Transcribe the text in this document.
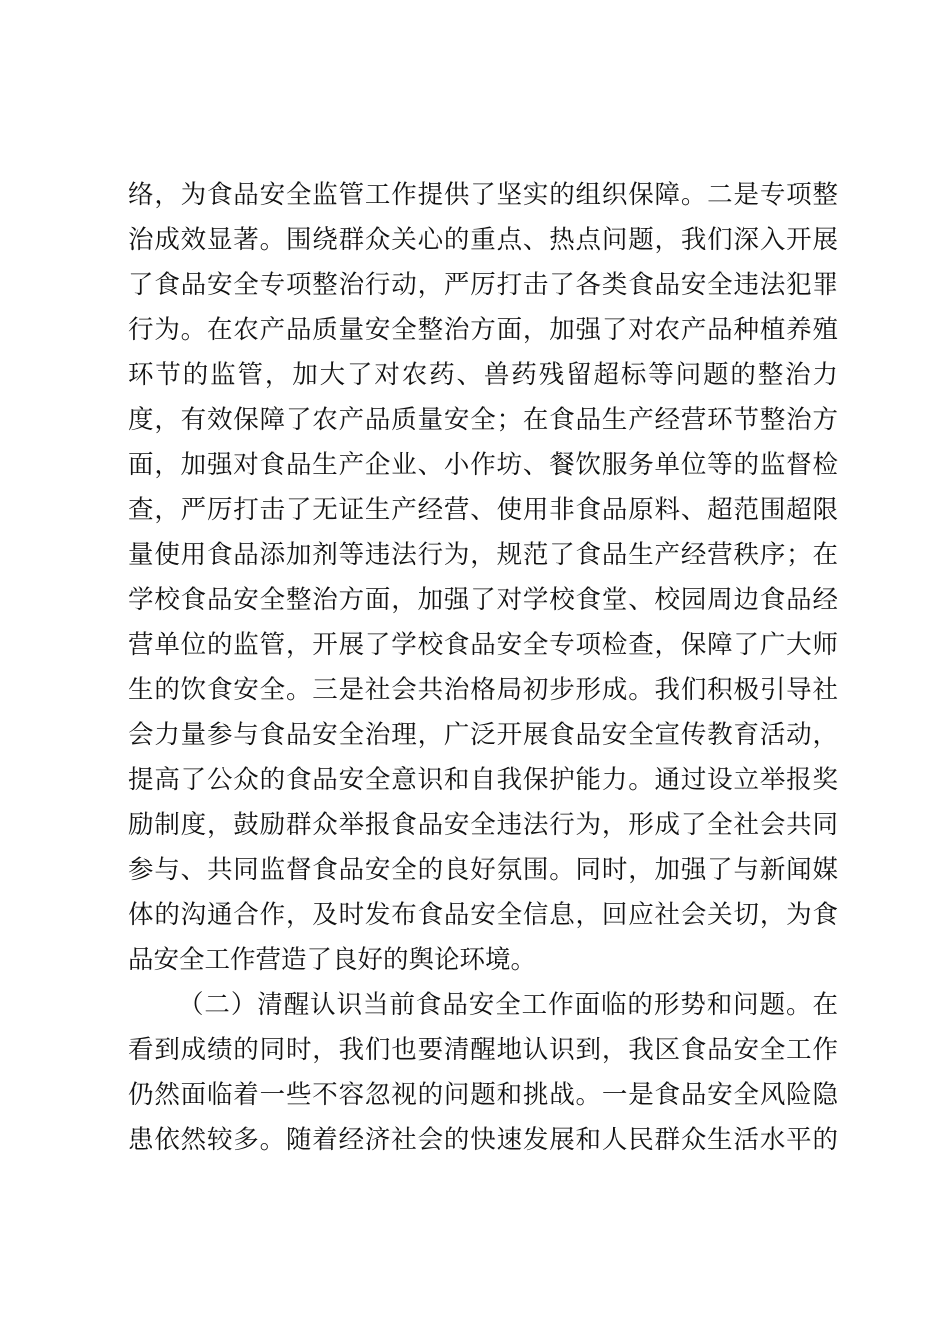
络，为食品安全监管工作提供了坚实的组织保障。二是专项整
治成效显著。围绕群众关心的重点、热点问题，我们深入开展
了食品安全专项整治行动，严厉打击了各类食品安全违法犯罪
行为。在农产品质量安全整治方面，加强了对农产品种植养殖
环节的监管，加大了对农药、兽药残留超标等问题的整治力
度，有效保障了农产品质量安全；在食品生产经营环节整治方
面，加强对食品生产企业、小作坊、餐饮服务单位等的监督检
查，严厉打击了无证生产经营、使用非食品原料、超范围超限
量使用食品添加剂等违法行为，规范了食品生产经营秩序；在
学校食品安全整治方面，加强了对学校食堂、校园周边食品经
营单位的监管，开展了学校食品安全专项检查，保障了广大师
生的饮食安全。三是社会共治格局初步形成。我们积极引导社
会力量参与食品安全治理，广泛开展食品安全宣传教育活动，
提高了公众的食品安全意识和自我保护能力。通过设立举报奖
励制度，鼓励群众举报食品安全违法行为，形成了全社会共同
参与、共同监督食品安全的良好氛围。同时，加强了与新闻媒
体的沟通合作，及时发布食品安全信息，回应社会关切，为食
品安全工作营造了良好的舆论环境。
（二）清醒认识当前食品安全工作面临的形势和问题。在
看到成绩的同时，我们也要清醒地认识到，我区食品安全工作
仍然面临着一些不容忽视的问题和挑战。一是食品安全风险隐
患依然较多。随着经济社会的快速发展和人民群众生活水平的
